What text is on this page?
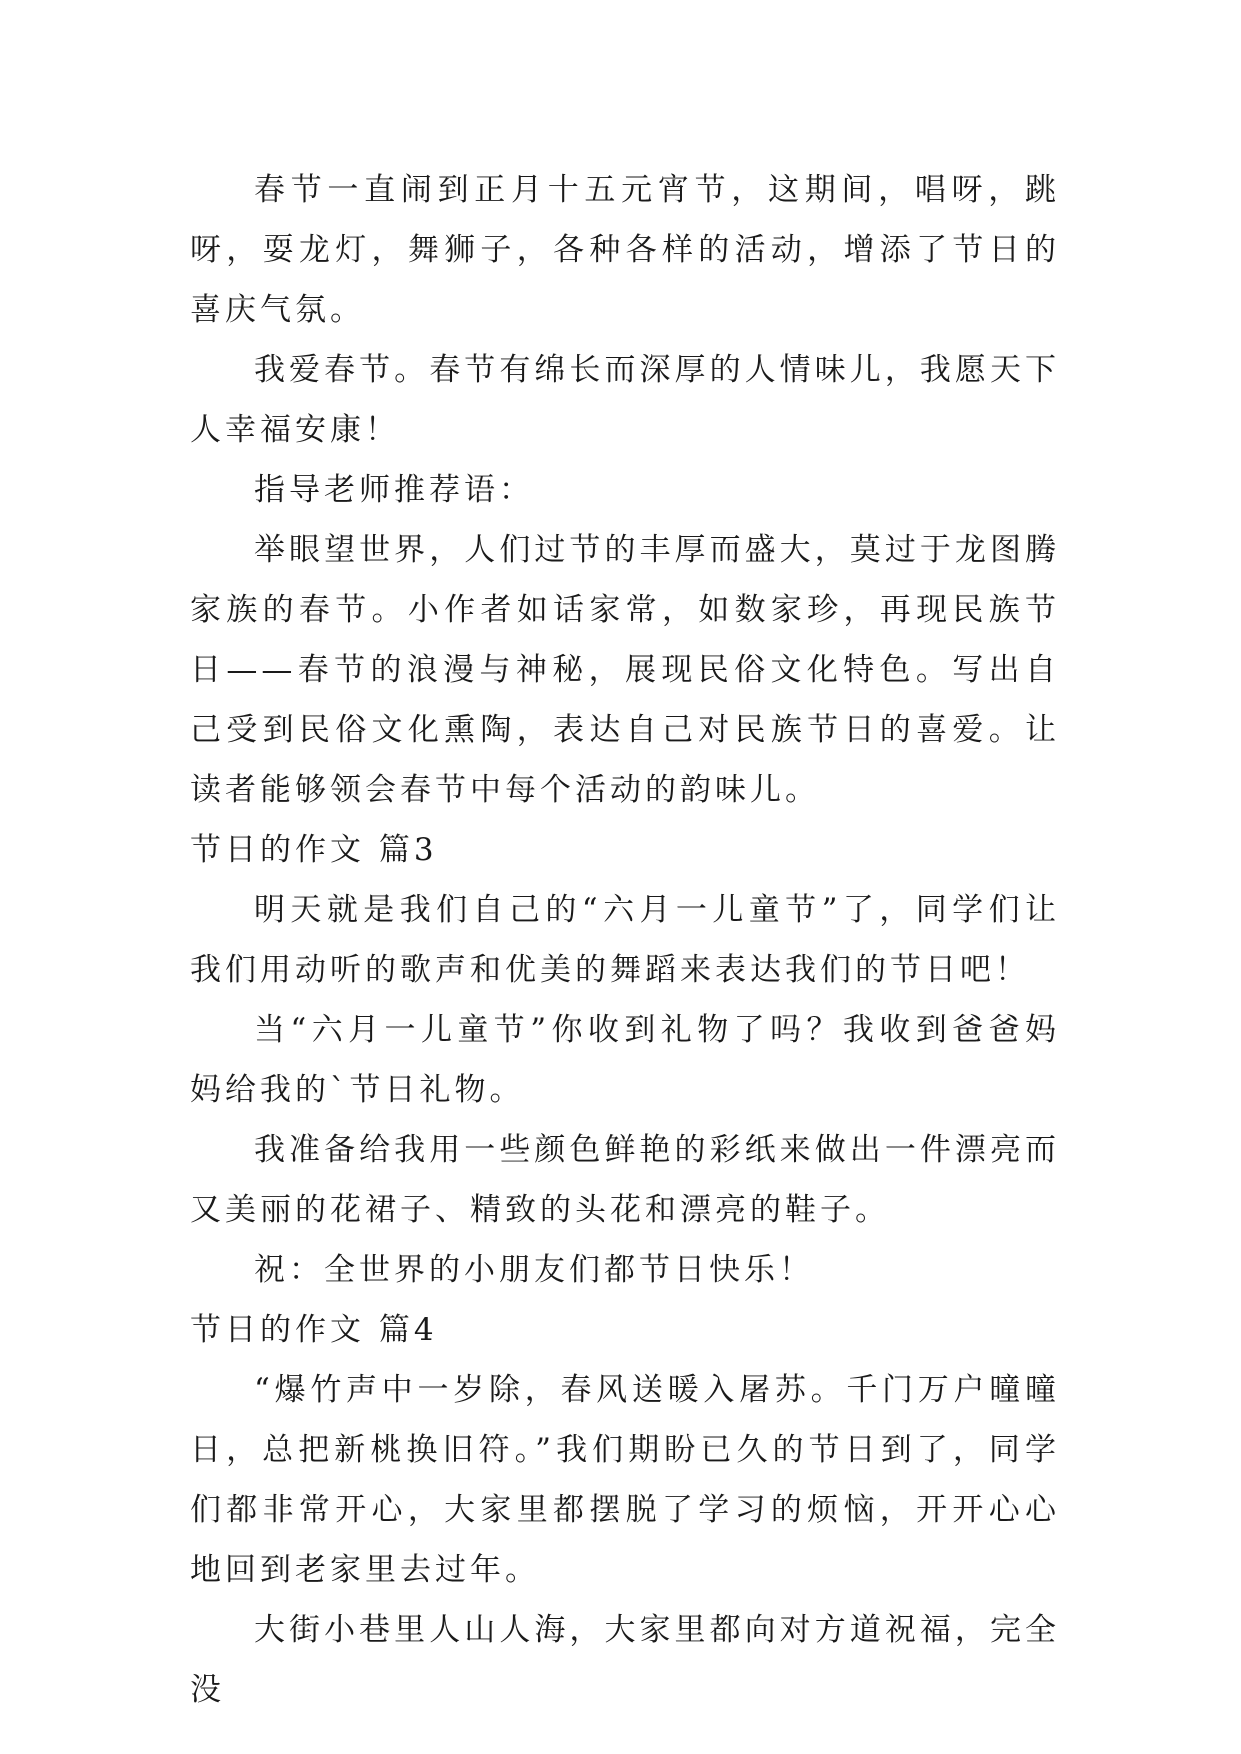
春节一直闹到正月十五元宵节，这期间，唱呀，跳呀，耍龙灯，舞狮子，各种各样的活动，增添了节日的喜庆气氛。

我爱春节。春节有绵长而深厚的人情味儿，我愿天下人幸福安康！

指导老师推荐语：

举眼望世界，人们过节的丰厚而盛大，莫过于龙图腾家族的春节。小作者如话家常，如数家珍，再现民族节日——春节的浪漫与神秘，展现民俗文化特色。写出自己受到民俗文化熏陶，表达自己对民族节日的喜爱。让读者能够领会春节中每个活动的韵味儿。

节日的作文 篇3

明天就是我们自己的“六月一儿童节”了，同学们让我们用动听的歌声和优美的舞蹈来表达我们的节日吧！

当“六月一儿童节”你收到礼物了吗？我收到爸爸妈妈给我的`节日礼物。

我准备给我用一些颜色鲜艳的彩纸来做出一件漂亮而又美丽的花裙子、精致的头花和漂亮的鞋子。

祝：全世界的小朋友们都节日快乐！

节日的作文 篇4

“爆竹声中一岁除，春风送暖入屠苏。千门万户曈曈日，总把新桃换旧符。”我们期盼已久的节日到了，同学们都非常开心，大家里都摆脱了学习的烦恼，开开心心地回到老家里去过年。

大街小巷里人山人海，大家里都向对方道祝福，完全没
